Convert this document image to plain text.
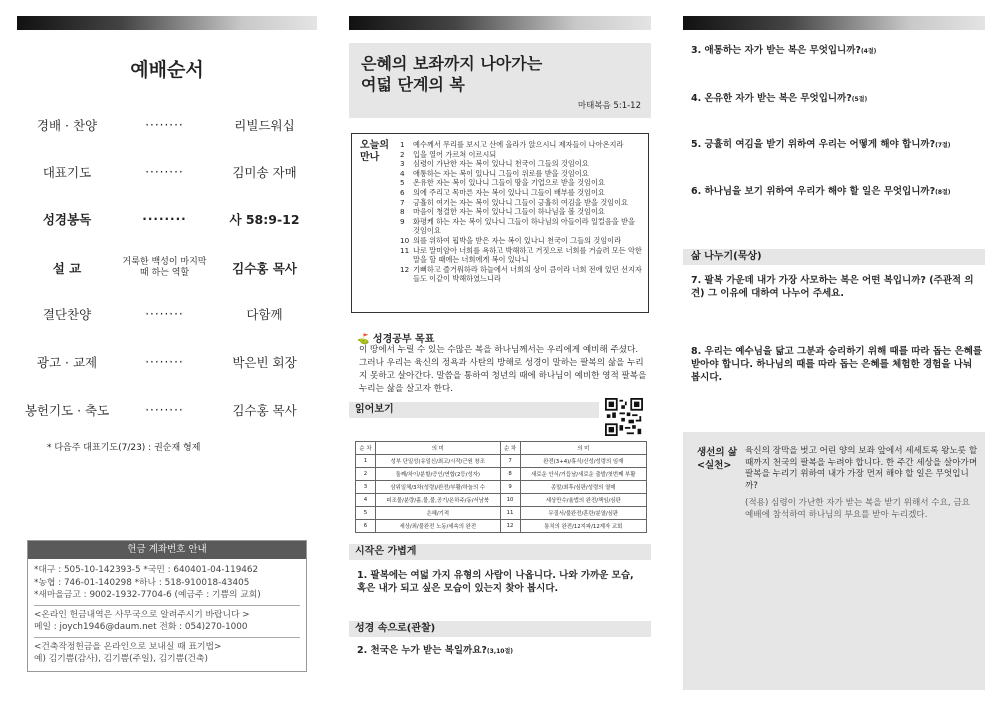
예배순서
경배 · 찬양	········	리빌드워십
대표기도	········	김미송 자매
성경봉독	········	사 58:9-12
설 교	거룩한 백성이 마지막 때 하는 역할	김수홍 목사
결단찬양	········	다함께
광고 · 교제	········	박은빈 회장
봉헌기도 · 축도	········	김수홍 목사
* 다음주 대표기도(7/23) : 권순재 형제
헌금 계좌번호 안내
*대구 : 505-10-142393-5 *국민 : 640401-04-119462
*농협 : 746-01-140298 *하나 : 518-910018-43405
*새마을금고 : 9002-1932-7704-6 (예금주 : 기쁨의 교회)
<온라인 헌금내역은 사무국으로 알려주시기 바랍니다 >
메일 : joych1946@daum.net 전화 : 054)270-1000
<건축작정헌금을 온라인으로 보내실 때 표기법>
예) 김기쁨(감사), 김기쁨(주일), 김기쁨(건축)
은혜의 보좌까지 나아가는
여덟 단계의 복
마태복음 5:1-12
오늘의
만나
1	예수께서 무리를 보시고 산에 올라가 앉으시니 제자들이 나아온지라
2	입을 열어 가르쳐 이르시되
3	심령이 가난한 자는 복이 있나니 천국이 그들의 것임이요
4	애통하는 자는 복이 있나니 그들이 위로를 받을 것임이요
5	온유한 자는 복이 있나니 그들이 땅을 기업으로 받을 것임이요
6	의에 주리고 목마른 자는 복이 있나니 그들이 배부를 것임이요
7	긍휼히 여기는 자는 복이 있나니 그들이 긍휼히 여김을 받을 것임이요
8	마음이 청결한 자는 복이 있나니 그들이 하나님을 볼 것임이요
9	화평케 하는 자는 복이 있나니 그들이 하나님의 아들이라 일컬음을 받을 것임이요
10 의를 위하여 핍박을 받은 자는 복이 있나니 천국이 그들의 것임이라
11 나로 말미암아 너희를 욕하고 박해하고 거짓으로 너희를 거슬려 모든 악한 말을 할 때에는 너희에게 복이 있나니
12 기뻐하고 즐거워하라 하늘에서 너희의 상이 큼이라 너희 전에 있던 선지자들도 이같이 박해하였느니라
⛳ 성경공부 목표
이 땅에서 누릴 수 있는 수많은 복을 하나님께서는 우리에게 예비해 주셨다. 그러나 우리는 육신의 정욕과 사탄의 방해로 성경이 말하는 팔복의 삶을 누리지 못하고 살아간다. 말씀을 통하여 청년의 때에 하나님이 예비한 영적 팔복을 누리는 삶을 살고자 한다.
읽어보기
순 차	의 미	순 차	의 미
1	성부 단일성(유일신/최고/시작/근원 창조	7	완전(3+4)/휴식/신성/성령의 임재
2	둘째/차이/분할/증인/연합(2등/성자)	8	새로운 안식/거듭남/새로운 출발/첫번째 부활
3	삼위일체/3차(성령)/완전/부활/하늘의 수	9	종말/최후/심판/성령의 열매
4	피조물/분량/흙,물,불,공기/온하주/동/서남북	10	세상만수/율법의 완전/책임/심판
5	은혜/기적	11	무질서/불완전/혼란/분열/심판
6	세상/죄/불완전 노동/세속의 완전	12	통치의 완전/12지파/12제자 교회
시작은 가볍게
1. 팔복에는 여덟 가지 유형의 사람이 나옵니다. 나와 가까운 모습, 혹은 내가 되고 싶은 모습이 있는지 찾아 봅시다.
성경 속으로(관찰)
2. 천국은 누가 받는 복일까요?(3,10절)
3. 애통하는 자가 받는 복은 무엇입니까?(4절)
4. 온유한 자가 받는 복은 무엇입니까?(5절)
5. 긍휼히 여김을 받기 위하여 우리는 어떻게 해야 합니까?(7절)
6. 하나님을 보기 위하여 우리가 해야 할 일은 무엇입니까?(8절)
삶 나누기(묵상)
7. 팔복 가운데 내가 가장 사모하는 복은 어떤 복입니까? (주관적 의견) 그 이유에 대하여 나누어 주세요.
8. 우리는 예수님을 닮고 그분과 승리하기 위해 때를 따라 돕는 은혜를 받아야 합니다. 하나님의 때를 따라 돕는 은혜를 체험한 경험을 나눠 봅시다.
생선의 삶
<실천>
육신의 장막을 벗고 어린 양의 보좌 앞에서 세세토록 왕노릇 할 때까지 천국의 팔복을 누려야 합니다. 한 주간 세상을 살아가며 팔복을 누리기 위하여 내가 가장 먼저 해야 할 일은 무엇입니까?
(적용) 심령이 가난한 자가 받는 복을 받기 위해서 수요, 금요 예배에 참석하여 하나님의 부요를 받아 누리겠다.
